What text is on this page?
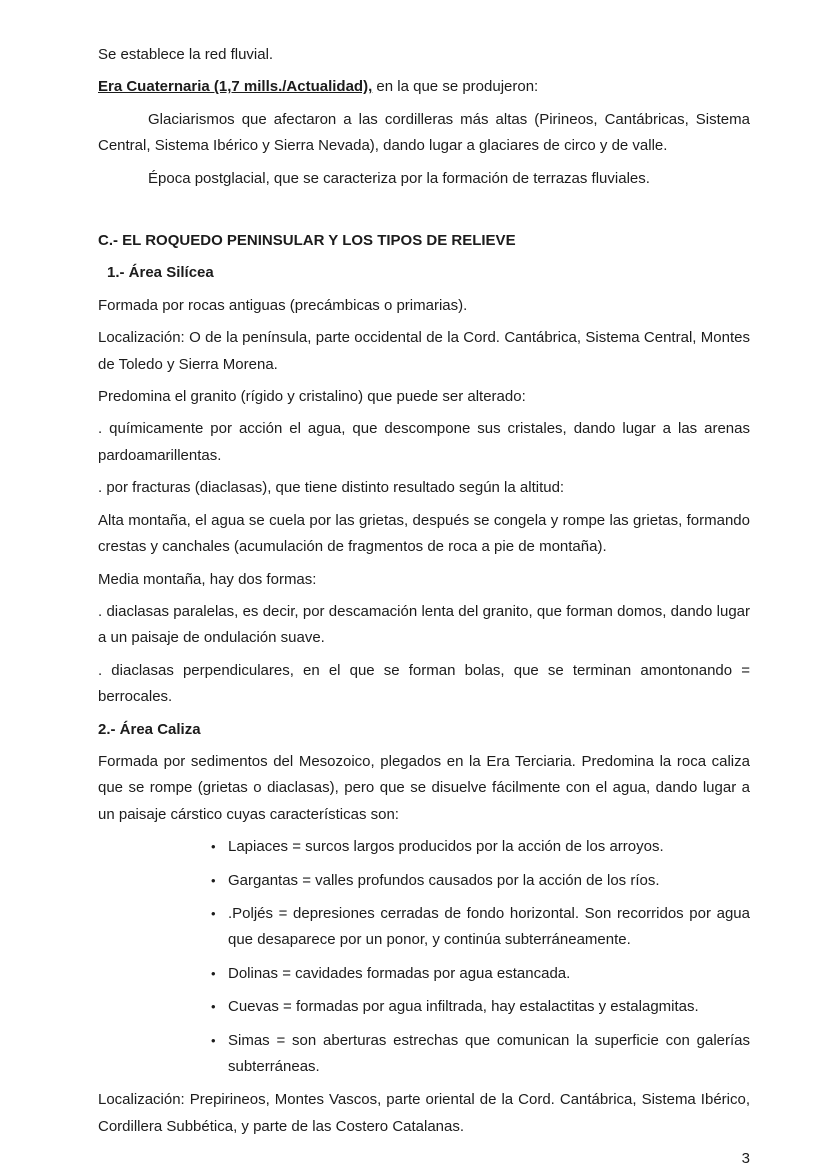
Se establece la red fluvial.

Era Cuaternaria (1,7 mills./Actualidad), en la que se produjeron:

Glaciarismos que afectaron a las cordilleras más altas (Pirineos, Cantábricas, Sistema Central, Sistema Ibérico y Sierra Nevada), dando lugar a glaciares de circo y de valle.

Época postglacial, que se caracteriza por la formación de terrazas fluviales.

C.- EL ROQUEDO PENINSULAR Y LOS TIPOS DE RELIEVE
1.- Área Silícea

Formada por rocas antiguas (precámbicas o primarias).

Localización: O de la península, parte occidental de la Cord. Cantábrica, Sistema Central, Montes de Toledo y Sierra Morena.

Predomina el granito (rígido y cristalino) que puede ser alterado:

. químicamente por acción el agua, que descompone sus cristales, dando lugar a las arenas pardoamarillentas.

. por fracturas (diaclasas), que tiene distinto resultado según la altitud:

Alta montaña, el agua se cuela por las grietas, después se congela y rompe las grietas, formando crestas y canchales (acumulación de fragmentos de roca a pie de montaña).

Media montaña, hay dos formas:

. diaclasas paralelas, es decir, por descamación lenta del granito, que forman domos, dando lugar a un paisaje de ondulación suave.

. diaclasas perpendiculares, en el que se forman bolas, que se terminan amontonando = berrocales.

2.- Área Caliza

Formada por sedimentos del Mesozoico, plegados en la Era Terciaria. Predomina la roca caliza que se rompe (grietas o diaclasas), pero que se disuelve fácilmente con el agua, dando lugar a un paisaje cárstico cuyas características son:

• Lapiaces = surcos largos producidos por la acción de los arroyos.
• Gargantas = valles profundos causados por la acción de los ríos.
• .Poljés = depresiones cerradas de fondo horizontal. Son recorridos por agua que desaparece por un ponor, y continúa subterráneamente.
• Dolinas = cavidades formadas por agua estancada.
• Cuevas = formadas por agua infiltrada, hay estalactitas y estalagmitas.
• Simas = son aberturas estrechas que comunican la superficie con galerías subterráneas.

Localización: Prepirineos, Montes Vascos, parte oriental de la Cord. Cantábrica, Sistema Ibérico, Cordillera Subbética, y parte de las Costero Catalanas.

3
